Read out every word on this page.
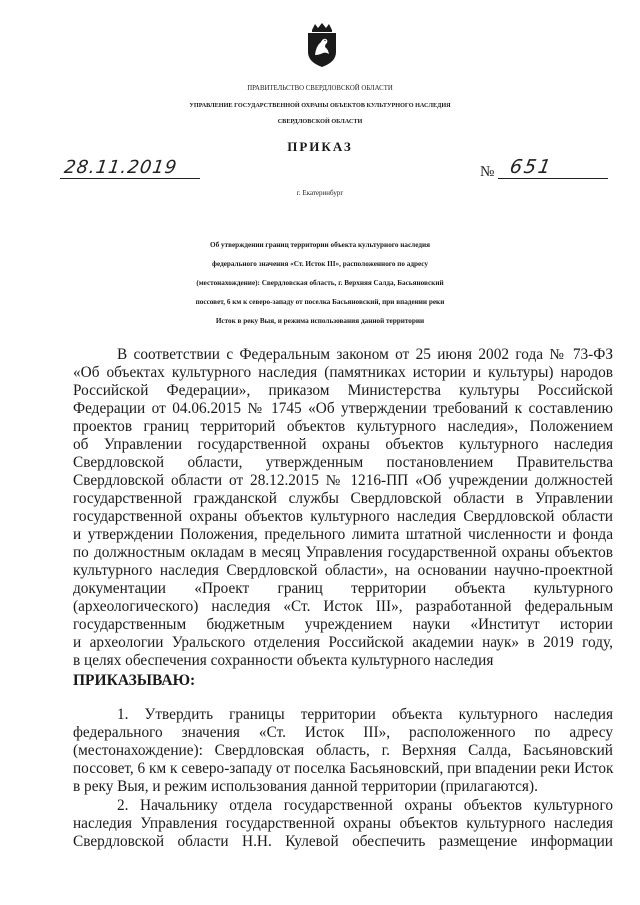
ПРАВИТЕЛЬСТВО СВЕРДЛОВСКОЙ ОБЛАСТИ
УПРАВЛЕНИЕ ГОСУДАРСТВЕННОЙ ОХРАНЫ ОБЪЕКТОВ КУЛЬТУРНОГО НАСЛЕДИЯ
СВЕРДЛОВСКОЙ ОБЛАСТИ
ПРИКАЗ
28.11.2019	№ 651
г. Екатеринбург
Об утверждении границ территории объекта культурного наследия
федерального значения «Ст. Исток III», расположенного по адресу
(местонахождение): Свердловская область, г. Верхняя Салда, Басьяновский
поссовет, 6 км к северо-западу от поселка Басьяновский, при впадении реки
Исток в реку Выя, и режима использования данной территории
В соответствии с Федеральным законом от 25 июня 2002 года № 73-ФЗ
«Об объектах культурного наследия (памятниках истории и культуры) народов
Российской Федерации», приказом Министерства культуры Российской
Федерации от 04.06.2015 № 1745 «Об утверждении требований к составлению
проектов границ территорий объектов культурного наследия», Положением
об Управлении государственной охраны объектов культурного наследия
Свердловской области, утвержденным постановлением Правительства
Свердловской области от 28.12.2015 № 1216-ПП «Об учреждении должностей
государственной гражданской службы Свердловской области в Управлении
государственной охраны объектов культурного наследия Свердловской области
и утверждении Положения, предельного лимита штатной численности и фонда
по должностным окладам в месяц Управления государственной охраны объектов
культурного наследия Свердловской области», на основании научно-проектной
документации «Проект границ территории объекта культурного
(археологического) наследия «Ст. Исток III», разработанной федеральным
государственным бюджетным учреждением науки «Институт истории
и археологии Уральского отделения Российской академии наук» в 2019 году,
в целях обеспечения сохранности объекта культурного наследия
ПРИКАЗЫВАЮ:
1. Утвердить границы территории объекта культурного наследия
федерального значения «Ст. Исток III», расположенного по адресу
(местонахождение): Свердловская область, г. Верхняя Салда, Басьяновский
поссовет, 6 км к северо-западу от поселка Басьяновский, при впадении реки Исток
в реку Выя, и режим использования данной территории (прилагаются).
2. Начальнику отдела государственной охраны объектов культурного
наследия Управления государственной охраны объектов культурного наследия
Свердловской области Н.Н. Кулевой обеспечить размещение информации
